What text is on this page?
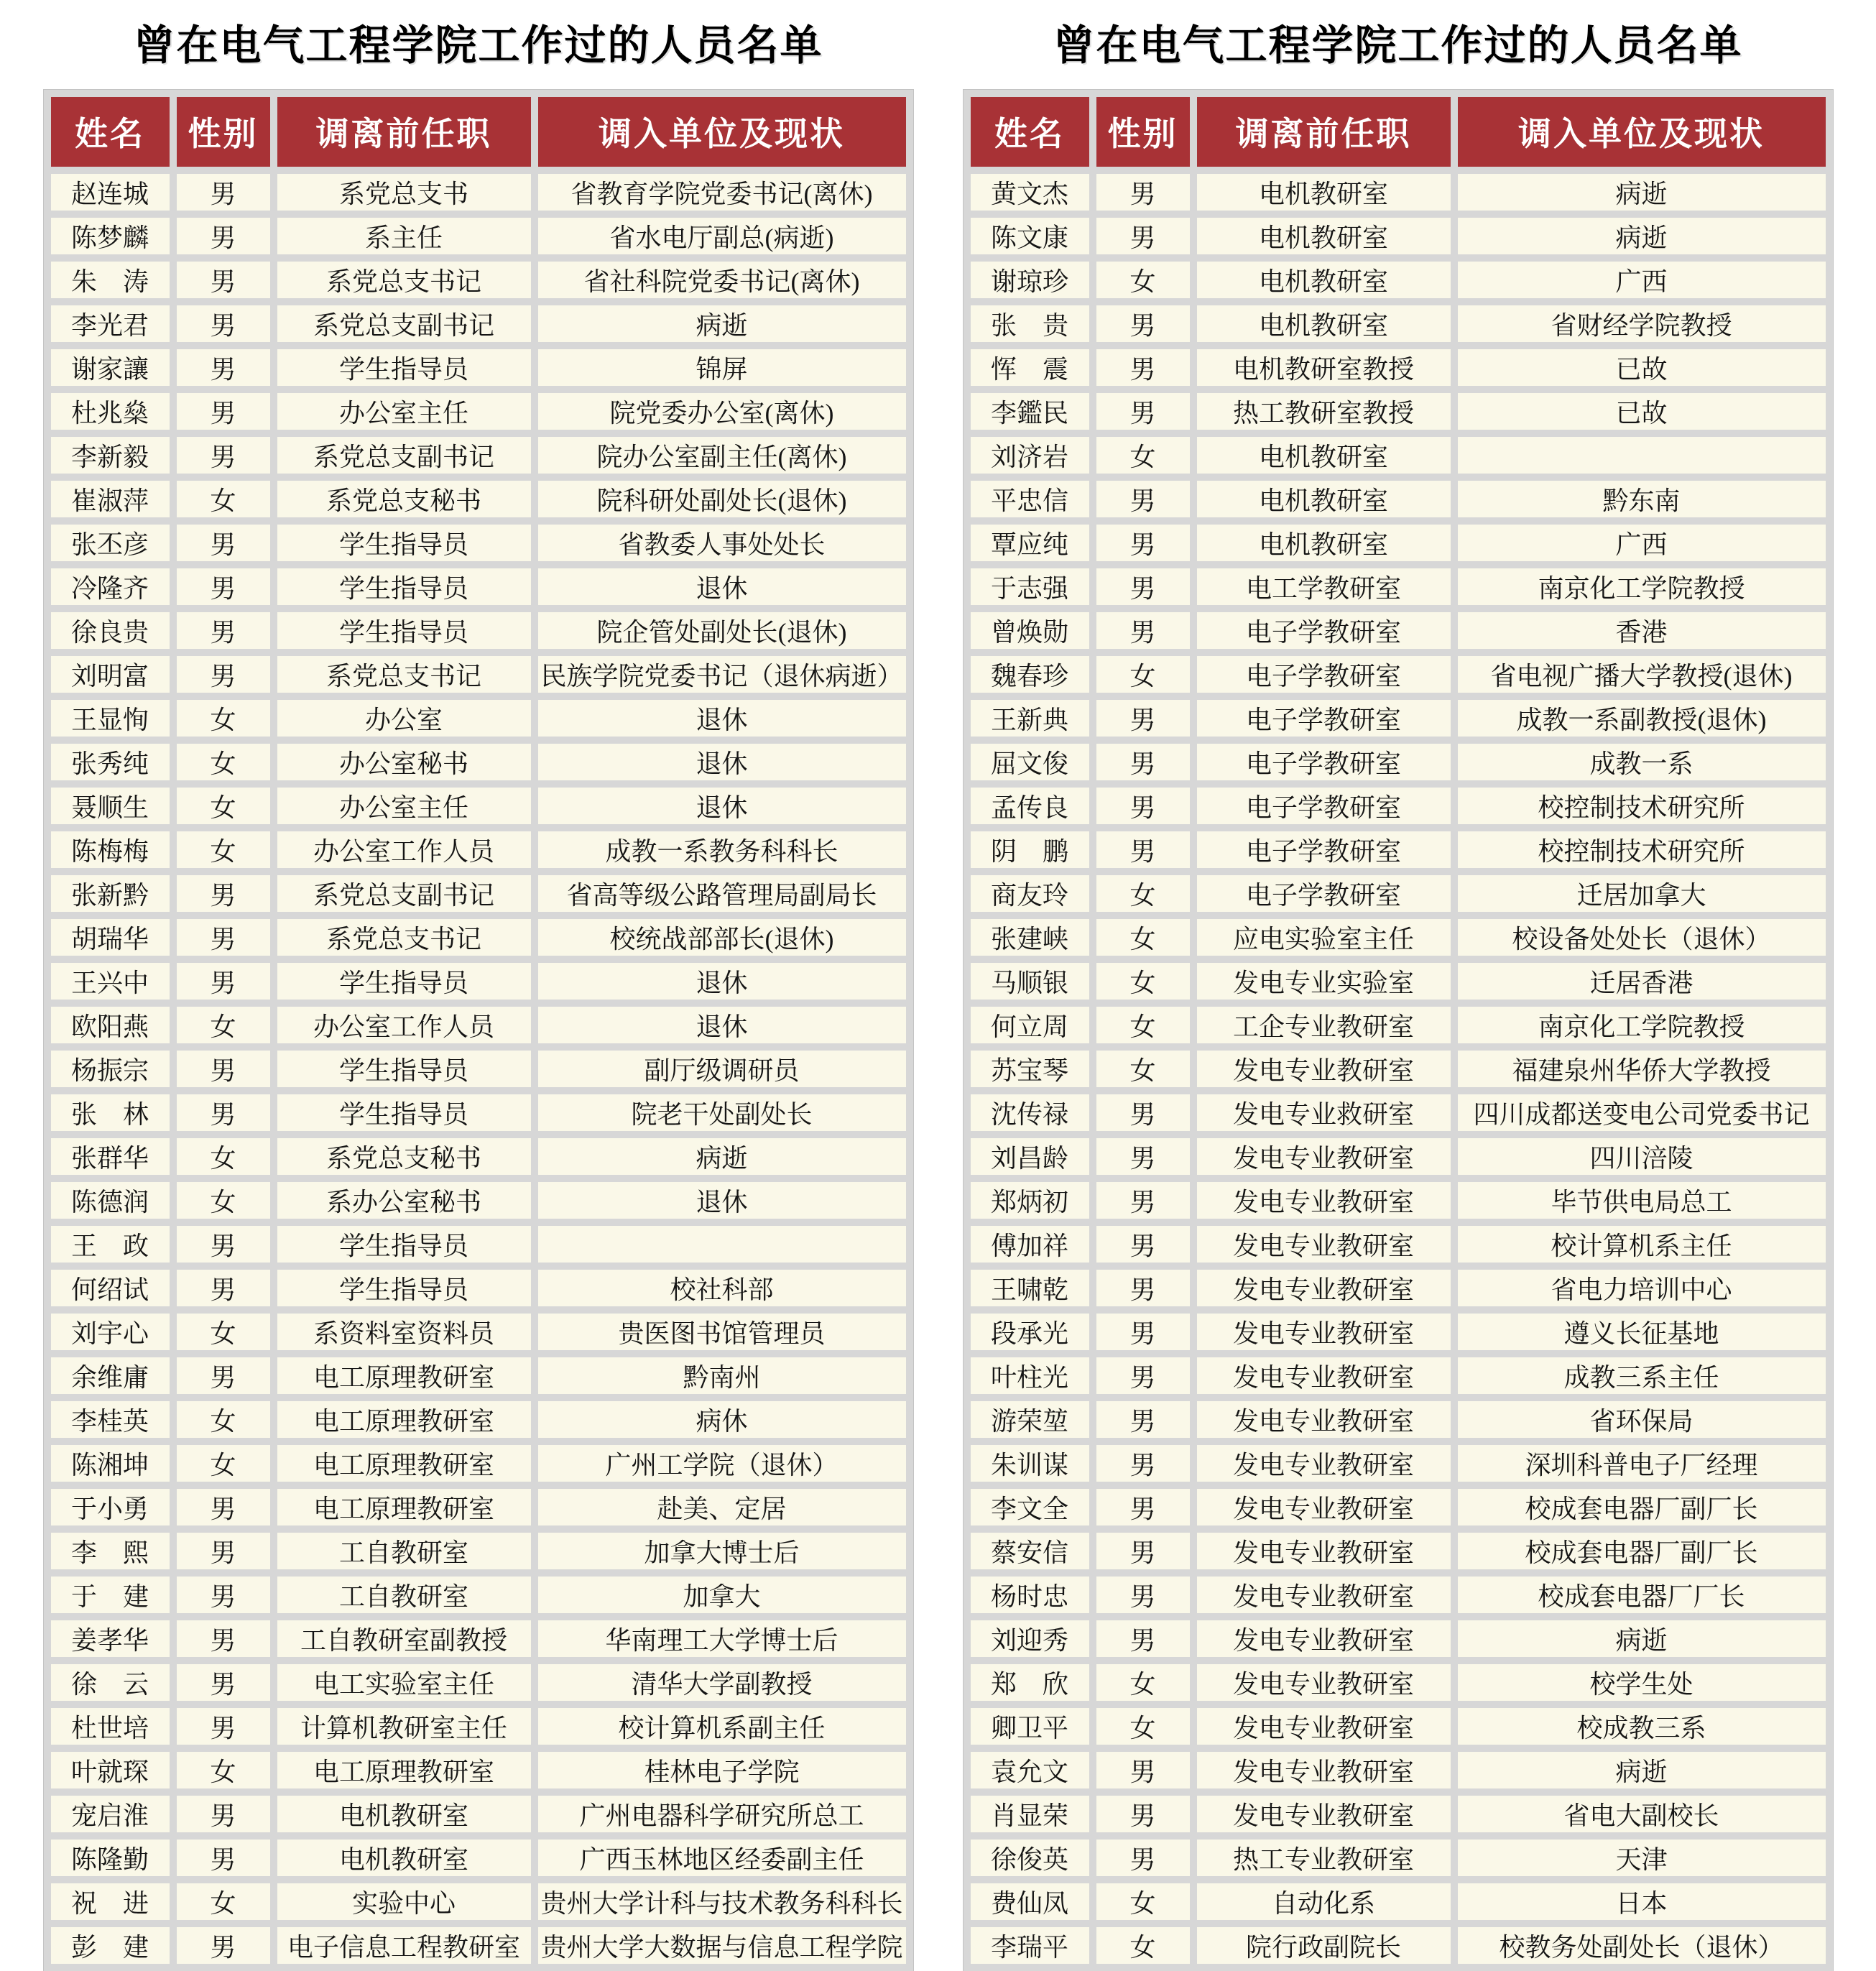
曾在电气工程学院工作过的人员名单
姓名	性别	调离前任职	调入单位及现状
赵连城	男	系党总支书	省教育学院党委书记(离休)
陈梦麟	男	系主任	省水电厅副总(病逝)
朱　涛	男	系党总支书记	省社科院党委书记(离休)
李光君	男	系党总支副书记	病逝
谢家讓	男	学生指导员	锦屏
杜兆燊	男	办公室主任	院党委办公室(离休)
李新毅	男	系党总支副书记	院办公室副主任(离休)
崔淑萍	女	系党总支秘书	院科研处副处长(退休)
张丕彦	男	学生指导员	省教委人事处处长
冷隆齐	男	学生指导员	退休
徐良贵	男	学生指导员	院企管处副处长(退休)
刘明富	男	系党总支书记	民族学院党委书记（退休病逝）
王显恂	女	办公室	退休
张秀纯	女	办公室秘书	退休
聂顺生	女	办公室主任	退休
陈梅梅	女	办公室工作人员	成教一系教务科科长
张新黔	男	系党总支副书记	省高等级公路管理局副局长
胡瑞华	男	系党总支书记	校统战部部长(退休)
王兴中	男	学生指导员	退休
欧阳燕	女	办公室工作人员	退休
杨振宗	男	学生指导员	副厅级调研员
张　林	男	学生指导员	院老干处副处长
张群华	女	系党总支秘书	病逝
陈德润	女	系办公室秘书	退休
王　政	男	学生指导员	
何绍试	男	学生指导员	校社科部
刘宇心	女	系资料室资料员	贵医图书馆管理员
余维庸	男	电工原理教研室	黔南州
李桂英	女	电工原理教研室	病休
陈湘坤	女	电工原理教研室	广州工学院（退休）
于小勇	男	电工原理教研室	赴美、定居
李　熙	男	工自教研室	加拿大博士后
于　建	男	工自教研室	加拿大
姜孝华	男	工自教研室副教授	华南理工大学博士后
徐　云	男	电工实验室主任	清华大学副教授
杜世培	男	计算机教研室主任	校计算机系副主任
叶就琛	女	电工原理教研室	桂林电子学院
宠启淮	男	电机教研室	广州电器科学研究所总工
陈隆勤	男	电机教研室	广西玉林地区经委副主任
祝　进	女	实验中心	贵州大学计科与技术教务科科长
彭　建	男	电子信息工程教研室	贵州大学大数据与信息工程学院
曾在电气工程学院工作过的人员名单
姓名	性别	调离前任职	调入单位及现状
黄文杰	男	电机教研室	病逝
陈文康	男	电机教研室	病逝
谢琼珍	女	电机教研室	广西
张　贵	男	电机教研室	省财经学院教授
恽　震	男	电机教研室教授	已故
李鑑民	男	热工教研室教授	已故
刘济岩	女	电机教研室	
平忠信	男	电机教研室	黔东南
覃应纯	男	电机教研室	广西
于志强	男	电工学教研室	南京化工学院教授
曾焕勋	男	电子学教研室	香港
魏春珍	女	电子学教研室	省电视广播大学教授(退休)
王新典	男	电子学教研室	成教一系副教授(退休)
屈文俊	男	电子学教研室	成教一系
孟传良	男	电子学教研室	校控制技术研究所
阴　鹏	男	电子学教研室	校控制技术研究所
商友玲	女	电子学教研室	迁居加拿大
张建峡	女	应电实验室主任	校设备处处长（退休）
马顺银	女	发电专业实验室	迁居香港
何立周	女	工企专业教研室	南京化工学院教授
苏宝琴	女	发电专业教研室	福建泉州华侨大学教授
沈传禄	男	发电专业救研室	四川成都送变电公司党委书记
刘昌龄	男	发电专业教研室	四川涪陵
郑炳初	男	发电专业教研室	毕节供电局总工
傅加祥	男	发电专业教研室	校计算机系主任
王啸乾	男	发电专业教研室	省电力培训中心
段承光	男	发电专业教研室	遵义长征基地
叶柱光	男	发电专业教研室	成教三系主任
游荣堃	男	发电专业教研室	省环保局
朱训谋	男	发电专业教研室	深圳科普电子厂经理
李文全	男	发电专业教研室	校成套电器厂副厂长
蔡安信	男	发电专业教研室	校成套电器厂副厂长
杨时忠	男	发电专业教研室	校成套电器厂厂长
刘迎秀	男	发电专业教研室	病逝
郑　欣	女	发电专业教研室	校学生处
卿卫平	女	发电专业教研室	校成教三系
袁允文	男	发电专业教研室	病逝
肖显荣	男	发电专业教研室	省电大副校长
徐俊英	男	热工专业教研室	天津
费仙凤	女	自动化系	日本
李瑞平	女	院行政副院长	校教务处副处长（退休）
